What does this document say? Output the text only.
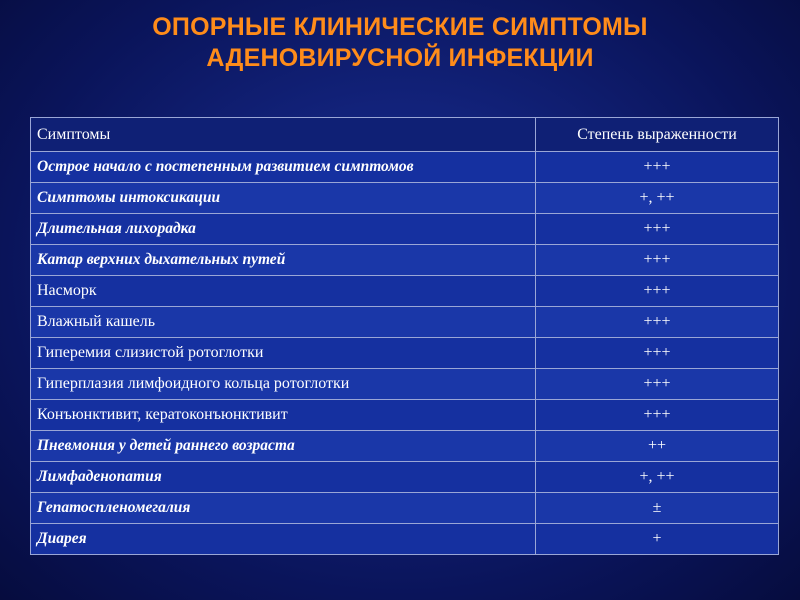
ОПОРНЫЕ КЛИНИЧЕСКИЕ СИМПТОМЫ
АДЕНОВИРУСНОЙ ИНФЕКЦИИ
Симптомы	Степень выраженности
Острое начало с постепенным развитием симптомов	+++
Симптомы интоксикации	+, ++
Длительная лихорадка	+++
Катар верхних дыхательных путей	+++
Насморк	+++
Влажный кашель	+++
Гиперемия слизистой ротоглотки	+++
Гиперплазия лимфоидного кольца ротоглотки	+++
Конъюнктивит, кератоконъюнктивит	+++
Пневмония у детей раннего возраста	++
Лимфаденопатия	+, ++
Гепатоспленомегалия	±
Диарея	+
